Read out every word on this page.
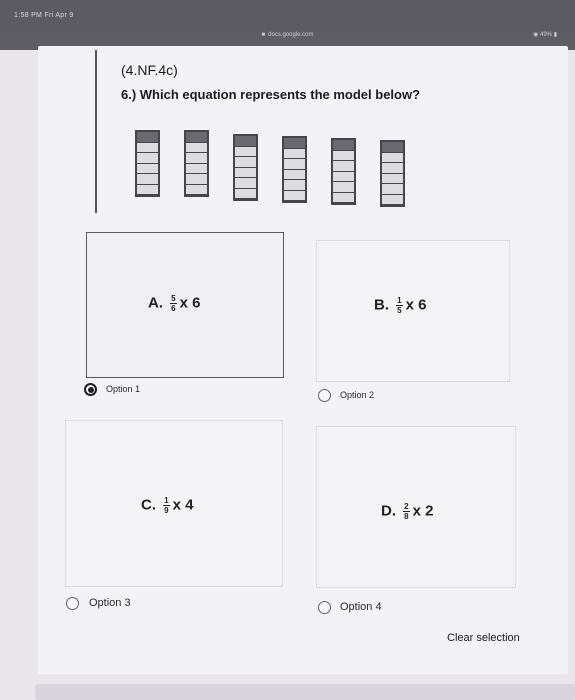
1:58 PM Fri Apr 9
■ docs.google.com	◉ 49% ▮
(4.NF.4c)
6.) Which equation represents the model below?
A. $\frac{5}{6}$ x 6	B. $\frac{1}{5}$ x 6
C. $\frac{1}{9}$ x 4	D. $\frac{2}{8}$ x 2
Option 1
Option 2
Option 3	Option 4
Clear selection
